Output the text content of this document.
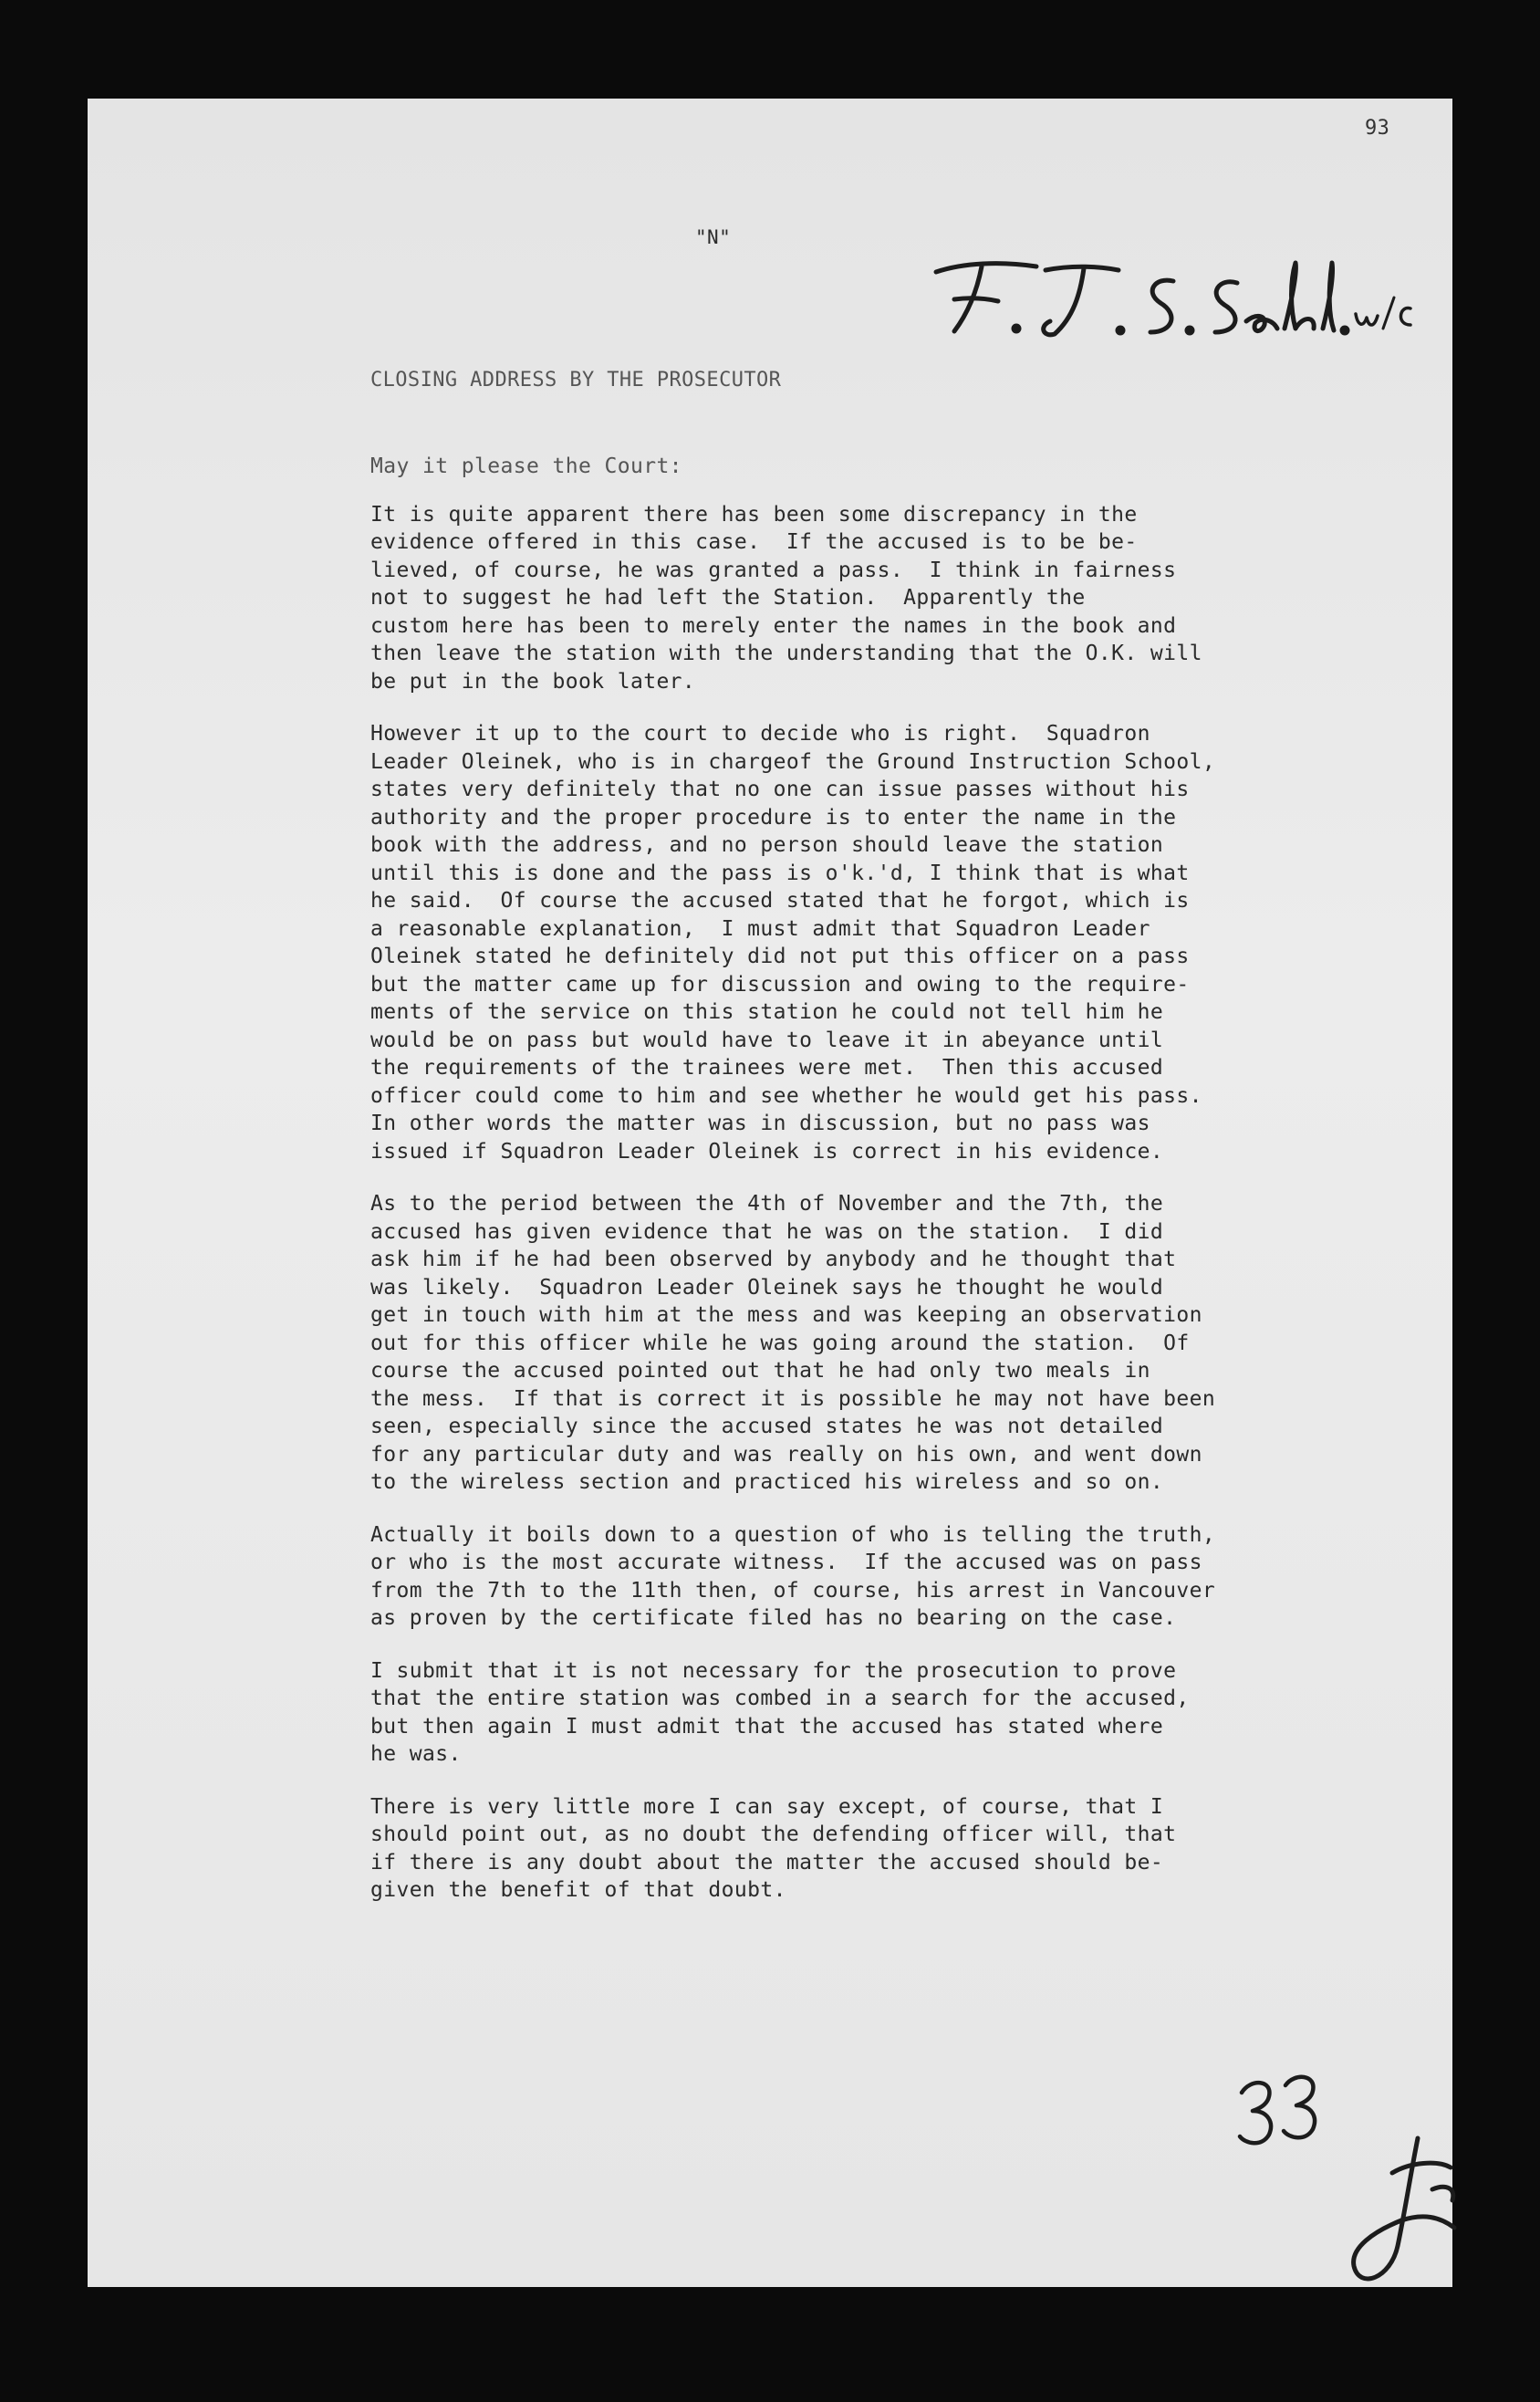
93
"N"
CLOSING ADDRESS BY THE PROSECUTOR
May it please the Court:
It is quite apparent there has been some discrepancy in the
evidence offered in this case.  If the accused is to be be-
lieved, of course, he was granted a pass.  I think in fairness
not to suggest he had left the Station.  Apparently the
custom here has been to merely enter the names in the book and
then leave the station with the understanding that the O.K. will
be put in the book later.
However it up to the court to decide who is right.  Squadron
Leader Oleinek, who is in chargeof the Ground Instruction School,
states very definitely that no one can issue passes without his
authority and the proper procedure is to enter the name in the
book with the address, and no person should leave the station
until this is done and the pass is o'k.'d, I think that is what
he said.  Of course the accused stated that he forgot, which is
a reasonable explanation,  I must admit that Squadron Leader
Oleinek stated he definitely did not put this officer on a pass
but the matter came up for discussion and owing to the require-
ments of the service on this station he could not tell him he
would be on pass but would have to leave it in abeyance until
the requirements of the trainees were met.  Then this accused
officer could come to him and see whether he would get his pass.
In other words the matter was in discussion, but no pass was
issued if Squadron Leader Oleinek is correct in his evidence.
As to the period between the 4th of November and the 7th, the
accused has given evidence that he was on the station.  I did
ask him if he had been observed by anybody and he thought that
was likely.  Squadron Leader Oleinek says he thought he would
get in touch with him at the mess and was keeping an observation
out for this officer while he was going around the station.  Of
course the accused pointed out that he had only two meals in
the mess.  If that is correct it is possible he may not have been
seen, especially since the accused states he was not detailed
for any particular duty and was really on his own, and went down
to the wireless section and practiced his wireless and so on.
Actually it boils down to a question of who is telling the truth,
or who is the most accurate witness.  If the accused was on pass
from the 7th to the 11th then, of course, his arrest in Vancouver
as proven by the certificate filed has no bearing on the case.
I submit that it is not necessary for the prosecution to prove
that the entire station was combed in a search for the accused,
but then again I must admit that the accused has stated where
he was.
There is very little more I can say except, of course, that I
should point out, as no doubt the defending officer will, that
if there is any doubt about the matter the accused should be-
given the benefit of that doubt.
